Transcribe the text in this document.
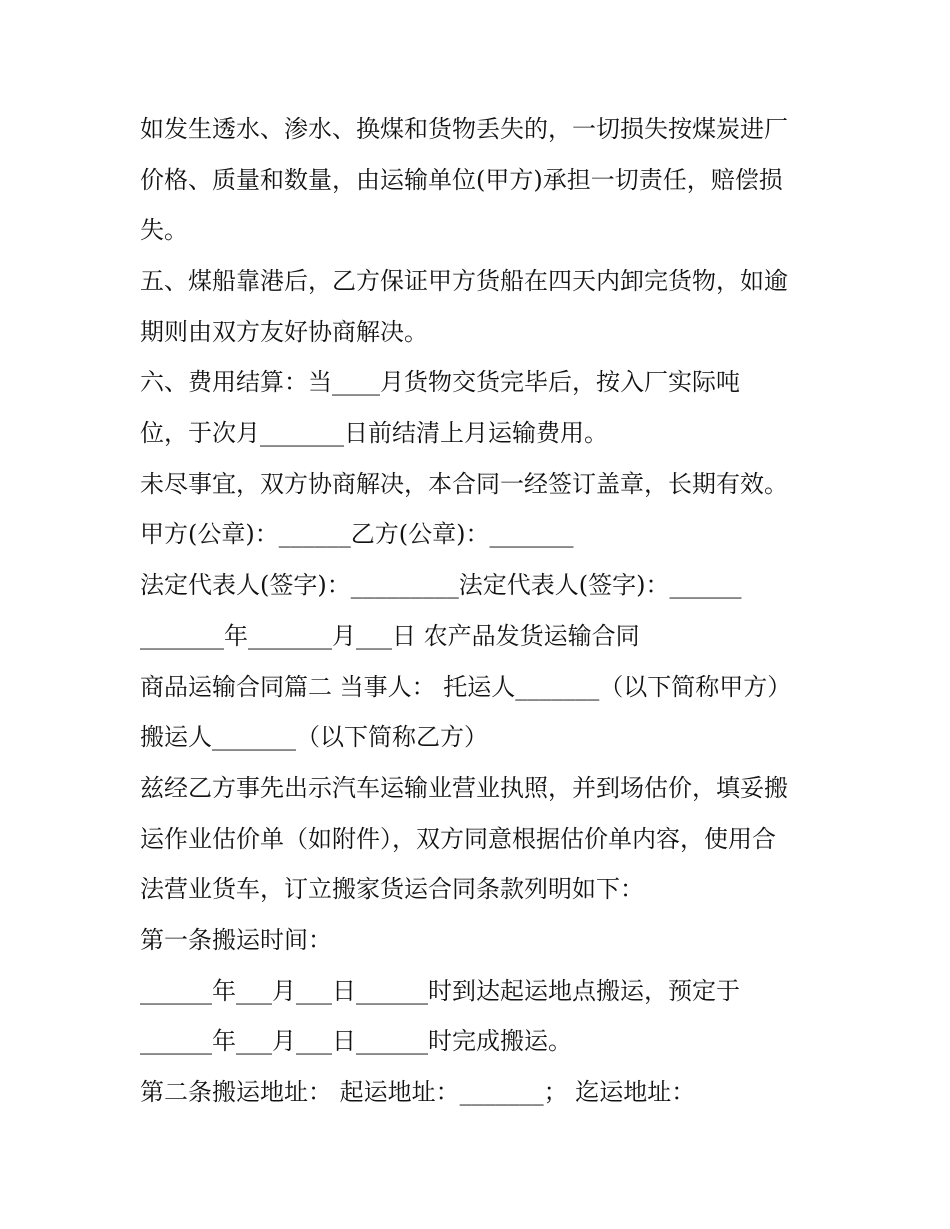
如发生透水、渗水、换煤和货物丢失的，一切损失按煤炭进厂

价格、质量和数量，由运输单位(甲方)承担一切责任，赔偿损

失。

五、煤船靠港后，乙方保证甲方货船在四天内卸完货物，如逾

期则由双方友好协商解决。

六、费用结算：当____月货物交货完毕后，按入厂实际吨

位，于次月_______日前结清上月运输费用。

未尽事宜，双方协商解决，本合同一经签订盖章，长期有效。

甲方(公章)：______乙方(公章)：_______

法定代表人(签字)：_________法定代表人(签字)：______

_______年_______月___日 农产品发货运输合同

商品运输合同篇二 当事人： 托运人_______（以下简称甲方）

搬运人_______（以下简称乙方）

兹经乙方事先出示汽车运输业营业执照，并到场估价，填妥搬

运作业估价单（如附件），双方同意根据估价单内容，使用合

法营业货车，订立搬家货运合同条款列明如下：

第一条搬运时间：

______年___月___日______时到达起运地点搬运，预定于

______年___月___日______时完成搬运。

第二条搬运地址： 起运地址：_______； 迄运地址：
